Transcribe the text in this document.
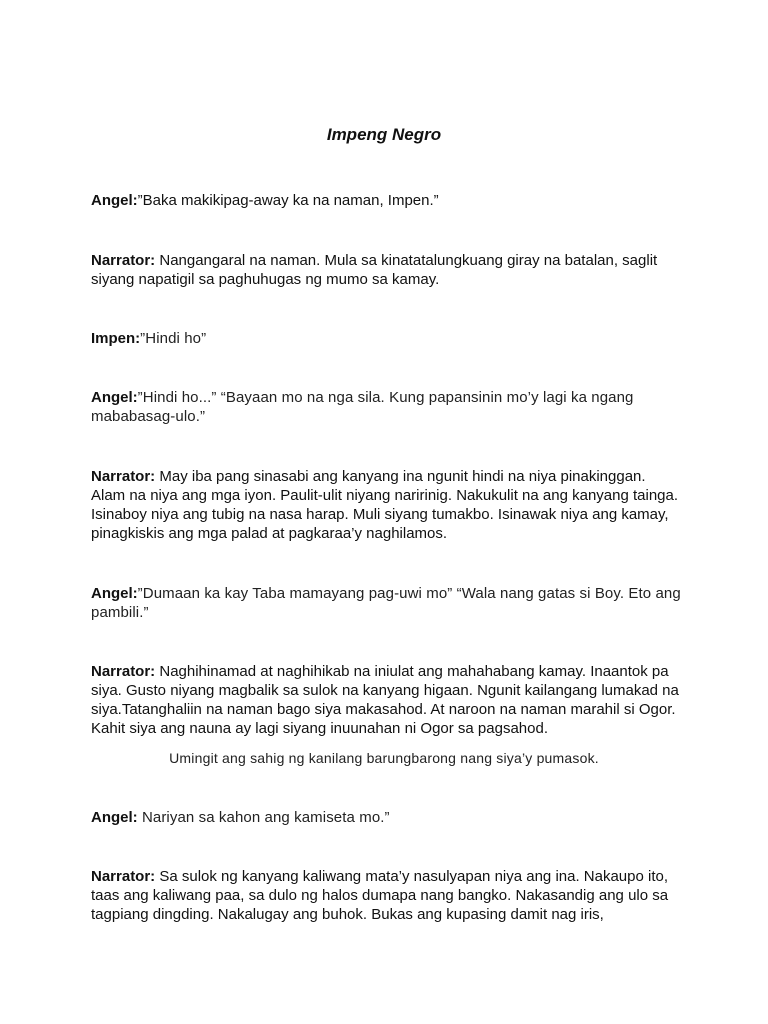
Impeng Negro

Angel:”Baka makikipag-away ka na naman, Impen.”

Narrator: Nangangaral na naman. Mula sa kinatatalungkuang giray na batalan, saglit siyang napatigil sa paghuhugas ng mumo sa kamay.

Impen:”Hindi ho”

Angel:”Hindi ho...” “Bayaan mo na nga sila. Kung papansinin mo’y lagi ka ngang mababasag-ulo.”

Narrator: May iba pang sinasabi ang kanyang ina ngunit hindi na niya pinakinggan. Alam na niya ang mga iyon. Paulit-ulit niyang naririnig. Nakukulit na ang kanyang tainga. Isinaboy niya ang tubig na nasa harap. Muli siyang tumakbo. Isinawak niya ang kamay, pinagkiskis ang mga palad at pagkaraa’y naghilamos.

Angel:”Dumaan ka kay Taba mamayang pag-uwi mo” “Wala nang gatas si Boy. Eto ang pambili.”

Narrator: Naghihinamad at naghihikab na iniulat ang mahahabang kamay. Inaantok pa siya. Gusto niyang magbalik sa sulok na kanyang higaan. Ngunit kailangang lumakad na siya.Tatanghaliin na naman bago siya makasahod. At naroon na naman marahil si Ogor. Kahit siya ang nauna ay lagi siyang inuunahan ni Ogor sa pagsahod.

Umingit ang sahig ng kanilang barungbarong nang siya’y pumasok.

Angel: Nariyan sa kahon ang kamiseta mo.”

Narrator: Sa sulok ng kanyang kaliwang mata’y nasulyapan niya ang ina. Nakaupo ito, taas ang kaliwang paa, sa dulo ng halos dumapa nang bangko. Nakasandig ang ulo sa tagpiang dingding. Nakalugay ang buhok. Bukas ang kupasing damit nag iris,
